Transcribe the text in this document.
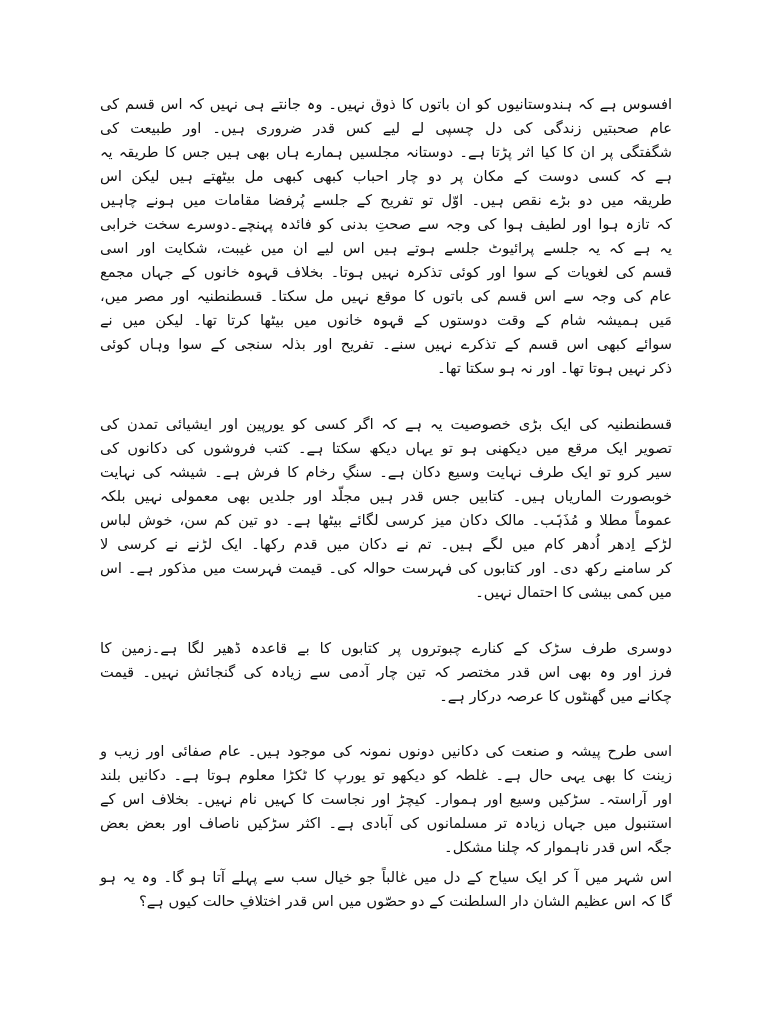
افسوس ہے کہ ہندوستانیوں کو ان باتوں کا ذوق نہیں۔ وہ جانتے ہی نہیں کہ اس قسم کی
عام صحبتیں زندگی کی دل چسپی لے لیے کس قدر ضروری ہیں۔ اور طبیعت کی
شگفتگی پر ان کا کیا اثر پڑتا ہے۔ دوستانہ مجلسیں ہمارے ہاں بھی ہیں جس کا طریقہ یہ
ہے کہ کسی دوست کے مکان پر دو چار احباب کبھی کبھی مل بیٹھتے ہیں لیکن اس
طریقہ میں دو بڑے نقص ہیں۔ اوّل تو تفریح کے جلسے پُرفضا مقامات میں ہونے چاہیں
کہ تازہ ہوا اور لطیف ہوا کی وجہ سے صحتِ بدنی کو فائدہ پہنچے۔دوسرے سخت خرابی
یہ ہے کہ یہ جلسے پرائیوٹ جلسے ہوتے ہیں اس لیے ان میں غیبت، شکایت اور اسی
قسم کی لغویات کے سوا اور کوئی تذکرہ نہیں ہوتا۔ بخلاف قہوہ خانوں کے جہاں مجمع
عام کی وجہ سے اس قسم کی باتوں کا موقع نہیں مل سکتا۔ قسطنطنیہ اور مصر میں،
مَیں ہمیشہ شام کے وقت دوستوں کے قہوہ خانوں میں بیٹھا کرتا تھا۔ لیکن میں نے
سوائے کبھی اس قسم کے تذکرے نہیں سنے۔ تفریح اور بذلہ سنجی کے سوا وہاں کوئی
ذکر نہیں ہوتا تھا۔ اور نہ ہو سکتا تھا۔
قسطنطنیہ کی ایک بڑی خصوصیت یہ ہے کہ اگر کسی کو یورپین اور ایشیائی تمدن کی
تصویر ایک مرقع میں دیکھنی ہو تو یہاں دیکھ سکتا ہے۔ کتب فروشوں کی دکانوں کی
سیر کرو تو ایک طرف نہایت وسیع دکان ہے۔ سنگِ رخام کا فرش ہے۔ شیشہ کی نہایت
خوبصورت الماریاں ہیں۔ کتابیں جس قدر ہیں مجلّد اور جلدیں بھی معمولی نہیں بلکہ
عموماً مطلا و مُذَہّب۔ مالک دکان میز کرسی لگائے بیٹھا ہے۔ دو تین کم سن، خوش لباس
لڑکے اِدھر اُدھر کام میں لگے ہیں۔ تم نے دکان میں قدم رکھا۔ ایک لڑنے نے کرسی لا
کر سامنے رکھ دی۔ اور کتابوں کی فہرست حوالہ کی۔ قیمت فہرست میں مذکور ہے۔ اس
میں کمی بیشی کا احتمال نہیں۔
دوسری طرف سڑک کے کنارے چبوتروں پر کتابوں کا بے قاعدہ ڈھیر لگا ہے۔زمین کا
فرز اور وہ بھی اس قدر مختصر کہ تین چار آدمی سے زیادہ کی گنجائش نہیں۔ قیمت
چکانے میں گھنٹوں کا عرصہ درکار ہے۔
اسی طرح پیشہ و صنعت کی دکانیں دونوں نمونہ کی موجود ہیں۔ عام صفائی اور زیب و
زینت کا بھی یہی حال ہے۔ غلطہ کو دیکھو تو یورپ کا ٹکڑا معلوم ہوتا ہے۔ دکانیں بلند
اور آراستہ۔ سڑکیں وسیع اور ہموار۔ کیچڑ اور نجاست کا کہیں نام نہیں۔ بخلاف اس کے
استنبول میں جہاں زیادہ تر مسلمانوں کی آبادی ہے۔ اکثر سڑکیں ناصاف اور بعض بعض
جگہ اس قدر ناہموار کہ چلنا مشکل۔
اس شہر میں آ کر ایک سیاح کے دل میں غالباً جو خیال سب سے پہلے آتا ہو گا۔ وہ یہ ہو
گا کہ اس عظیم الشان دار السلطنت کے دو حصّوں میں اس قدر اختلافِ حالت کیوں ہے؟
